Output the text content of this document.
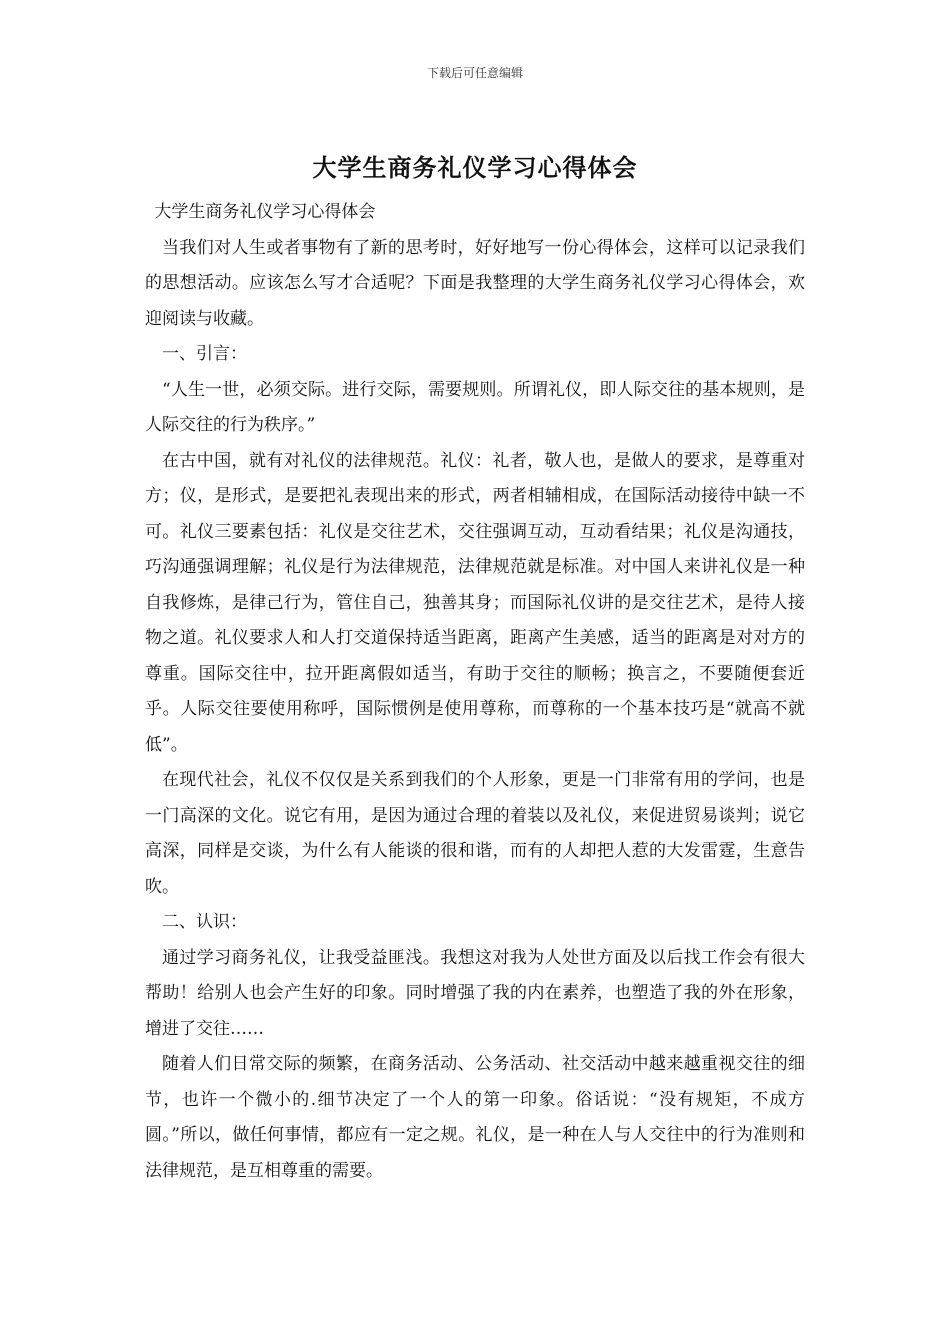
下载后可任意编辑
大学生商务礼仪学习心得体会

大学生商务礼仪学习心得体会

当我们对人生或者事物有了新的思考时，好好地写一份心得体会，这样可以记录我们的思想活动。应该怎么写才合适呢？下面是我整理的大学生商务礼仪学习心得体会，欢迎阅读与收藏。

一、引言：

“人生一世，必须交际。进行交际，需要规则。所谓礼仪，即人际交往的基本规则，是人际交往的行为秩序。”

在古中国，就有对礼仪的法律规范。礼仪：礼者，敬人也，是做人的要求，是尊重对方；仪，是形式，是要把礼表现出来的形式，两者相辅相成，在国际活动接待中缺一不可。礼仪三要素包括：礼仪是交往艺术，交往强调互动，互动看结果；礼仪是沟通技，巧沟通强调理解；礼仪是行为法律规范，法律规范就是标准。对中国人来讲礼仪是一种自我修炼，是律己行为，管住自己，独善其身；而国际礼仪讲的是交往艺术，是待人接物之道。礼仪要求人和人打交道保持适当距离，距离产生美感，适当的距离是对对方的尊重。国际交往中，拉开距离假如适当，有助于交往的顺畅；换言之，不要随便套近乎。人际交往要使用称呼，国际惯例是使用尊称，而尊称的一个基本技巧是“就高不就低”。

在现代社会，礼仪不仅仅是关系到我们的个人形象，更是一门非常有用的学问，也是一门高深的文化。说它有用，是因为通过合理的着装以及礼仪，来促进贸易谈判；说它高深，同样是交谈，为什么有人能谈的很和谐，而有的人却把人惹的大发雷霆，生意告吹。

二、认识：

通过学习商务礼仪，让我受益匪浅。我想这对我为人处世方面及以后找工作会有很大帮助！给别人也会产生好的印象。同时增强了我的内在素养，也塑造了我的外在形象，增进了交往……

随着人们日常交际的频繁，在商务活动、公务活动、社交活动中越来越重视交往的细节，也许一个微小的.细节决定了一个人的第一印象。俗话说：“没有规矩，不成方圆。”所以，做任何事情，都应有一定之规。礼仪，是一种在人与人交往中的行为准则和法律规范，是互相尊重的需要。
